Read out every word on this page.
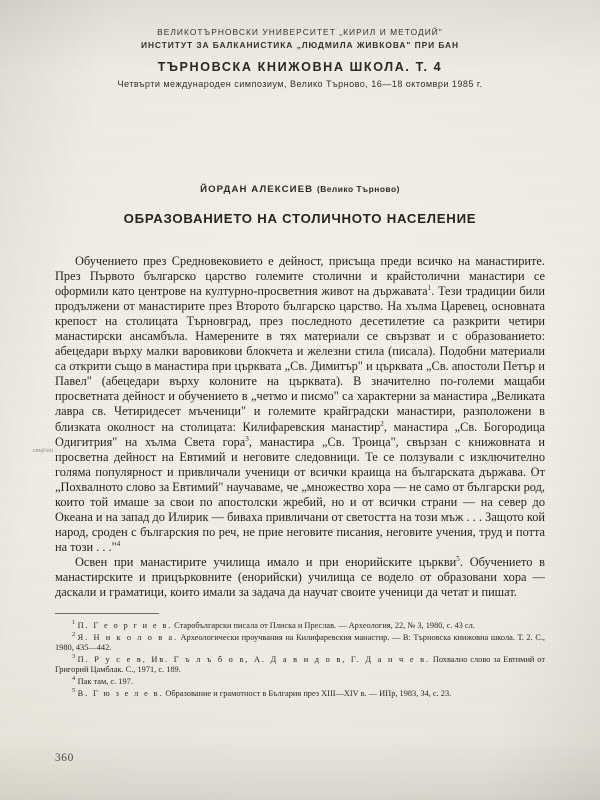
ВЕЛИКОТЪРНОВСКИ УНИВЕРСИТЕТ „КИРИЛ И МЕТОДИЙ"
ИНСТИТУТ ЗА БАЛКАНИСТИКА „ЛЮДМИЛА ЖИВКОВА" ПРИ БАН
ТЪРНОВСКА КНИЖОВНА ШКОЛА. Т. 4
Четвърти международен симпозиум, Велико Търново, 16—18 октомври 1985 г.
ЙОРДАН АЛЕКСИЕВ (Велико Търново)
ОБРАЗОВАНИЕТО НА СТОЛИЧНОТО НАСЕЛЕНИЕ

Обучението през Средновековието е дейност, присъща преди всичко на манастирите. През Първото българско царство големите столични и крайстолични манастири се оформили като центрове на културно-просветния живот на държавата$^1$. Тези традиции били продължени от манастирите през Второто българско царство. На хълма Царевец, основната крепост на столицата Търновград, през последното десетилетие са разкрити четири манастирски ансамбъла. Намерените в тях материали се свързват и с образованието: абецедари върху малки варовикови блокчета и железни стила (писала). Подобни материали са открити също в манастира при църквата „Св. Димитър" и църквата „Св. апостоли Петър и Павел" (абецедари върху колоните на църквата). В значително по-големи мащаби просветната дейност и обучението в „четмо и писмо" са характерни за манастира „Великата лавра св. Четиридесет мъченици" и големите крайградски манастири, разположени в близката околност на столицата: Килифаревския манастир$^2$, манастира „Св. Богородица Одигитрия" на хълма Света гора$^3$, манастира „Св. Троица", свързан с книжовната и просветна дейност на Евтимий и неговите следовници. Те се ползували с изключително голяма популярност и привличали ученици от всички краища на българската държава. От „Похвалното слово за Евтимий" научаваме, че „множество хора — не само от български род, които той имаше за свои по апостолски жребий, но и от всички страни — на север до Океана и на запад до Илирик — биваха привличани от светостта на този мъж . . . Защото кой народ, сроден с българския по реч, не прие неговите писания, неговите учения, труд и потта на този . . ."$^4$

Освен при манастирите училища имало и при енорийските църкви$^5$. Обучението в манастирските и прицърковните (енорийски) училища се водело от образовани хора — даскали и граматици, които имали за задача да научат своите ученици да четат и пишат.

$^1$ П. Г е о р г и е в. Старобългарски писала от Плиска и Преслав. — Археология, 22, № 3, 1980, с. 43 сл.

$^2$ Я. Н и к о л о в а. Археологически проучвания на Килифаревския манастир. — В: Търновска книжовна школа. Т. 2. С., 1980, 435—442.

$^3$ П. Р у с е в, Ив. Г ъ л ъ б о в, А. Д а в и д о в, Г. Д а н ч е в. Похвално слово за Евтимий от Григорий Цамблак. С., 1971, с. 189.

$^4$ Пак там, с. 197.

$^5$ В. Г ю з е л е в. Образование и грамотност в България през XIII—XIV в. — ИПр, 1983, 34, с. 23.

свързан
360
